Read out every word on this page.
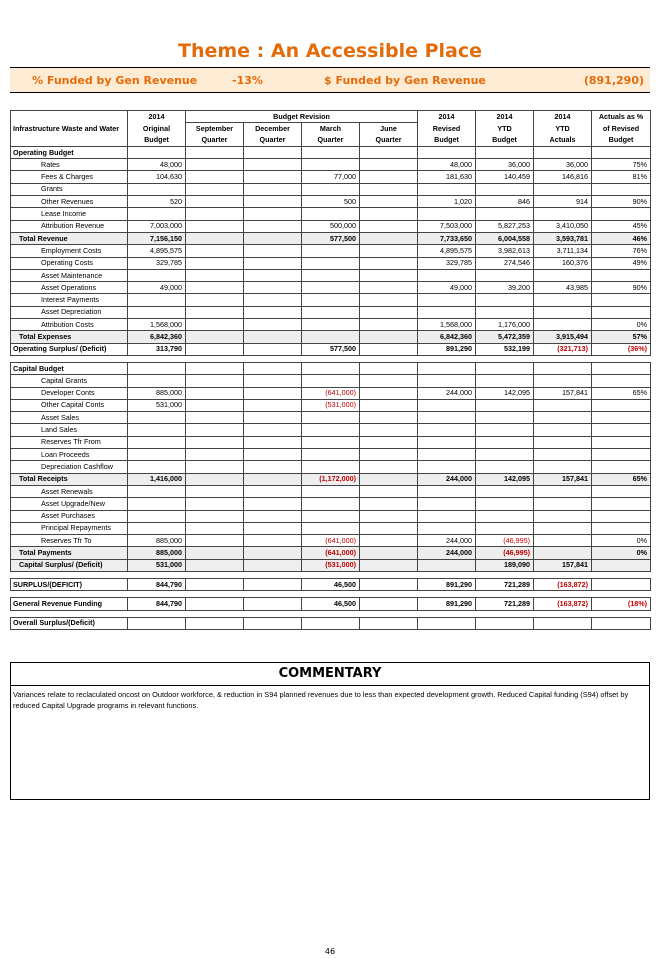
Theme : An Accessible Place
% Funded by Gen Revenue	-13%	$ Funded by Gen Revenue	(891,290)
	2014	Budget Revision				2014	2014	2014	Actuals as %
Infrastructure Waste and Water	Original	September	December	March	June	Revised	YTD	YTD	of Revised
	Budget	Quarter	Quarter	Quarter	Quarter	Budget	Budget	Actuals	Budget
Operating Budget									
Rates	48,000					48,000	36,000	36,000	75%
Fees & Charges	104,630			77,000		181,630	140,459	146,816	81%
Grants									
Other Revenues	520			500		1,020	846	914	90%
Lease Income									
Attribution Revenue	7,003,000			500,000		7,503,000	5,827,253	3,410,050	45%
Total Revenue	7,156,150			577,500		7,733,650	6,004,558	3,593,781	46%
Employment Costs	4,895,575					4,895,575	3,982,613	3,711,134	76%
Operating Costs	329,785					329,785	274,546	160,376	49%
Asset Maintenance									
Asset Operations	49,000					49,000	39,200	43,985	90%
Interest Payments									
Asset Depreciation									
Attribution Costs	1,568,000					1,568,000	1,176,000		0%
Total Expenses	6,842,360					6,842,360	5,472,359	3,915,494	57%
Operating Surplus/ (Deficit)	313,790			577,500		891,290	532,199	(321,713)	(36%)

Capital Budget									
Capital Grants									
Developer Conts	885,000			(641,000)		244,000	142,095	157,841	65%
Other Capital Conts	531,000			(531,000)					
Asset Sales									
Land Sales									
Reserves Tfr From									
Loan Proceeds									
Depreciation Cashflow									
Total Receipts	1,416,000			(1,172,000)		244,000	142,095	157,841	65%
Asset Renewals									
Asset Upgrade/New									
Asset Purchases									
Principal Repayments									
Reserves Tfr To	885,000			(641,000)		244,000	(46,995)		0%
Total Payments	885,000			(641,000)		244,000	(46,995)		0%
Capital Surplus/ (Deficit)	531,000			(531,000)			189,090	157,841	

SURPLUS/(DEFICIT)	844,790			46,500		891,290	721,289	(163,872)	

General Revenue Funding	844,790			46,500		891,290	721,289	(163,872)	(18%)

Overall Surplus/(Deficit)									
COMMENTARY
Variances relate to reclaculated oncost on Outdoor workforce, & reduction in S94 planned revenues due to less than expected development growth. Reduced Capital funding (S94) offset by reduced Capital Upgrade programs in relevant functions.
46
